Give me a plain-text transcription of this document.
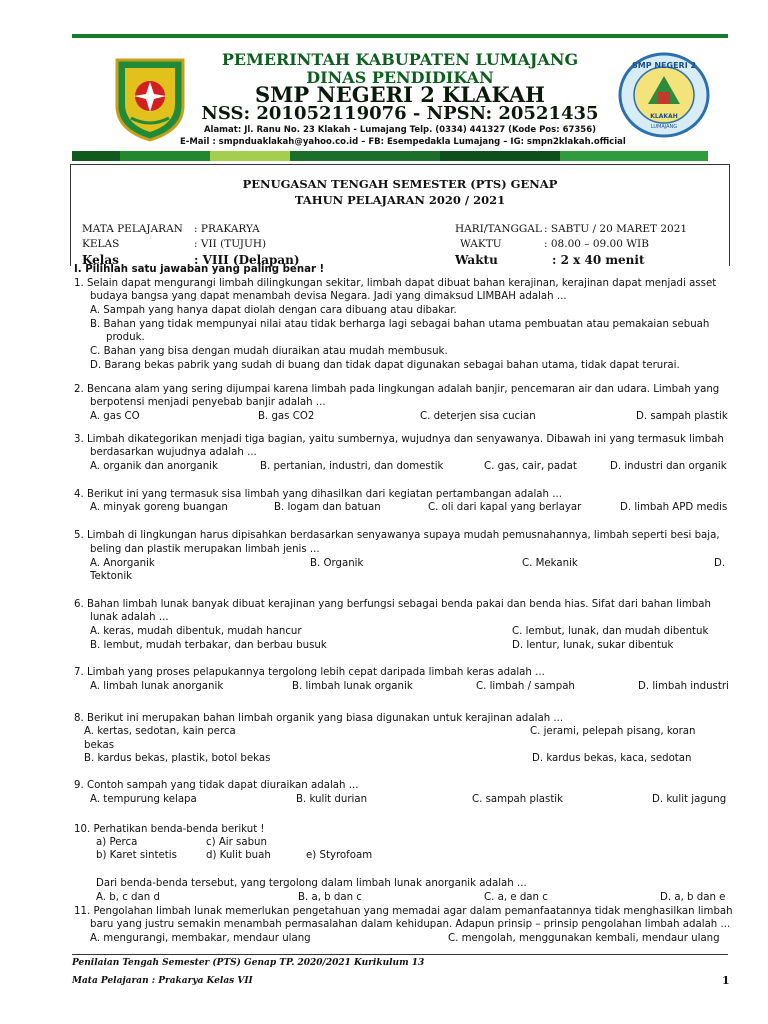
SMP NEGERI 2
KLAKAH
LUMAJANG
PEMERINTAH KABUPATEN LUMAJANG
DINAS PENDIDIKAN
SMP NEGERI 2 KLAKAH
NSS: 201052119076 - NPSN: 20521435
Alamat: Jl. Ranu No. 23 Klakah - Lumajang Telp. (0334) 441327 (Kode Pos: 67356)
E-Mail : smpnduaklakah@yahoo.co.id – FB: Esempedakla Lumajang – IG: smpn2klakah.official
PENUGASAN TENGAH SEMESTER (PTS) GENAP
TAHUN PELAJARAN 2020 / 2021
MATA PELAJARAN : PRAKARYA
KELAS	: VII (TUJUH)
HARI/TANGGAL : SABTU / 20 MARET 2021
WAKTU	: 08.00 – 09.00 WIB
Kelas	: VIII (Delapan)	Waktu	: 2 x 40 menit
I. Pilihlah satu jawaban yang paling benar !
1. Selain dapat mengurangi limbah dilingkungan sekitar, limbah dapat dibuat bahan kerajinan, kerajinan dapat menjadi asset
budaya bangsa yang dapat menambah devisa Negara. Jadi yang dimaksud LIMBAH adalah ...
A. Sampah yang hanya dapat diolah dengan cara dibuang atau dibakar.
B. Bahan yang tidak mempunyai nilai atau tidak berharga lagi sebagai bahan utama pembuatan atau pemakaian sebuah
produk.
C. Bahan yang bisa dengan mudah diuraikan atau mudah membusuk.
D. Barang bekas pabrik yang sudah di buang dan tidak dapat digunakan sebagai bahan utama, tidak dapat terurai.
2. Bencana alam yang sering dijumpai karena limbah pada lingkungan adalah banjir, pencemaran air dan udara. Limbah yang
berpotensi menjadi penyebab banjir adalah ...
A. gas CO	B. gas CO2	C. deterjen sisa cucian	D. sampah plastik
3. Limbah dikategorikan menjadi tiga bagian, yaitu sumbernya, wujudnya dan senyawanya. Dibawah ini yang termasuk limbah
berdasarkan wujudnya adalah ...
A. organik dan anorganik	B. pertanian, industri, dan domestik	C. gas, cair, padat	D. industri dan organik
4. Berikut ini yang termasuk sisa limbah yang dihasilkan dari kegiatan pertambangan adalah ...
A. minyak goreng buangan	B. logam dan batuan	C. oli dari kapal yang berlayar	D. limbah APD medis
5. Limbah di lingkungan harus dipisahkan berdasarkan senyawanya supaya mudah pemusnahannya, limbah seperti besi baja,
beling dan plastik merupakan limbah jenis ...
A. Anorganik	B. Organik	C. Mekanik	D.
Tektonik
6. Bahan limbah lunak banyak dibuat kerajinan yang berfungsi sebagai benda pakai dan benda hias. Sifat dari bahan limbah
lunak adalah ...
A. keras, mudah dibentuk, mudah hancur	C. lembut, lunak, dan mudah dibentuk
B. lembut, mudah terbakar, dan berbau busuk	D. lentur, lunak, sukar dibentuk
7. Limbah yang proses pelapukannya tergolong lebih cepat daripada limbah keras adalah ...
A. limbah lunak anorganik	B. limbah lunak organik	C. limbah / sampah	D. limbah industri
8. Berikut ini merupakan bahan limbah organik yang biasa digunakan untuk kerajinan adalah ...
A. kertas, sedotan, kain perca	C. jerami, pelepah pisang, koran
bekas
B. kardus bekas, plastik, botol bekas	D. kardus bekas, kaca, sedotan
9. Contoh sampah yang tidak dapat diuraikan adalah ...
A. tempurung kelapa	B. kulit durian	C. sampah plastik	D. kulit jagung
10. Perhatikan benda-benda berikut !
a) Perca	c) Air sabun
b) Karet sintetis	d) Kulit buah	e) Styrofoam
Dari benda-benda tersebut, yang tergolong dalam limbah lunak anorganik adalah ...
A. b, c dan d	B. a, b dan c	C. a, e dan c	D. a, b dan e
11. Pengolahan limbah lunak memerlukan pengetahuan yang memadai agar dalam pemanfaatannya tidak menghasilkan limbah
baru yang justru semakin menambah permasalahan dalam kehidupan. Adapun prinsip – prinsip pengolahan limbah adalah ...
A. mengurangi, membakar, mendaur ulang	C. mengolah, menggunakan kembali, mendaur ulang
Penilaian Tengah Semester (PTS) Genap TP. 2020/2021 Kurikulum 13
Mata Pelajaran : Prakarya Kelas VII	1
